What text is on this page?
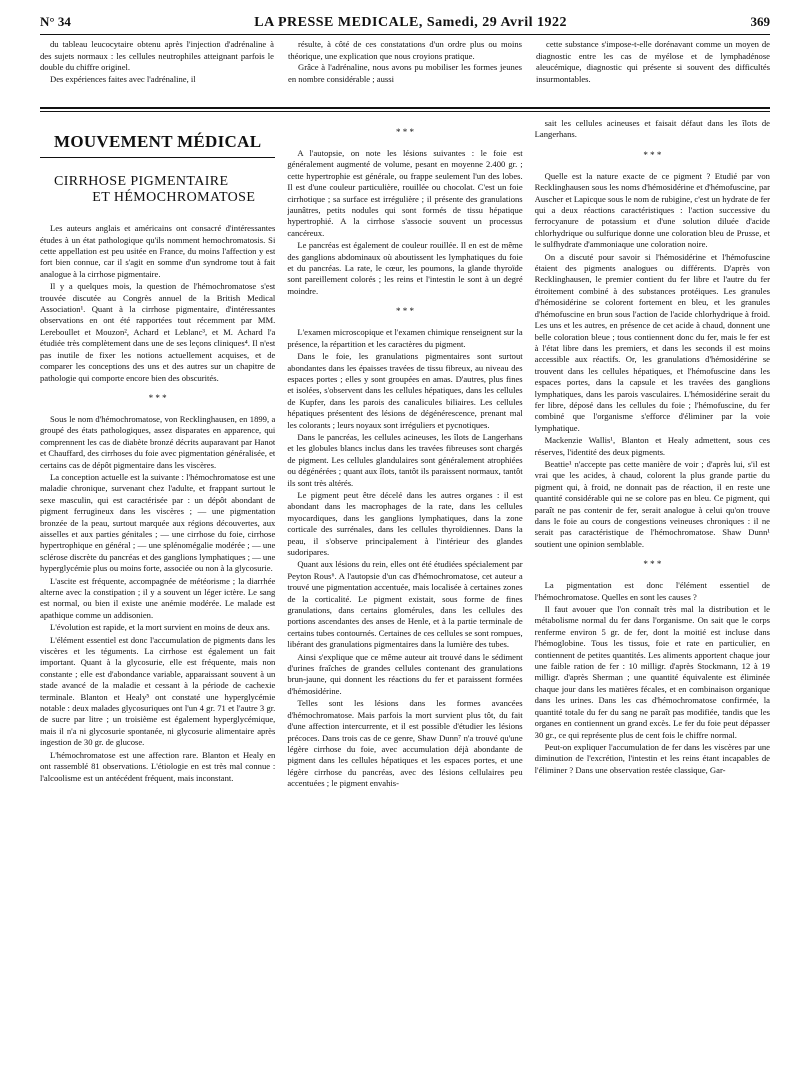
N° 34	LA PRESSE MEDICALE, Samedi, 29 Avril 1922	369

du tableau leucocytaire obtenu après l'injection d'adrénaline à des sujets normaux : les cellules neutrophiles atteignant parfois le double du chiffre originel.

Des expériences faites avec l'adrénaline, il

résulte, à côté de ces constatations d'un ordre plus ou moins théorique, une explication que nous croyions pratique.

Grâce à l'adrénaline, nous avons pu mobiliser les formes jeunes en nombre considérable ; aussi

cette substance s'impose-t-elle dorénavant comme un moyen de diagnostic entre les cas de myélose et de lymphadénose aleucémique, diagnostic qui présente si souvent des difficultés insurmontables.

MOUVEMENT MÉDICAL
CIRRHOSE PIGMENTAIRE
ET HÉMOCHROMATOSE

Les auteurs anglais et américains ont consacré d'intéressantes études à un état pathologique qu'ils nomment hemochromatosis. Si cette appellation est peu usitée en France, du moins l'affection y est fort bien connue, car il s'agit en somme d'un syndrome tout à fait analogue à la cirrhose pigmentaire.

Il y a quelques mois, la question de l'hémochromatose s'est trouvée discutée au Congrès annuel de la British Medical Association¹. Quant à la cirrhose pigmentaire, d'intéressantes observations en ont été rapportées tout récemment par MM. Lereboullet et Mouzon², Achard et Leblanc³, et M. Achard l'a étudiée très complètement dans une de ses leçons cliniques⁴. Il n'est pas inutile de fixer les notions actuellement acquises, et de comparer les conceptions des uns et des autres sur un chapitre de pathologie qui comporte encore bien des obscurités.

* * *

Sous le nom d'hémochromatose, von Recklinghausen, en 1899, a groupé des états pathologiques, assez disparates en apparence, qui comprennent les cas de diabète bronzé décrits auparavant par Hanot et Chauffard, des cirrhoses du foie avec pigmentation généralisée, et certains cas de dépôt pigmentaire dans les viscères.

La conception actuelle est la suivante : l'hémochromatose est une maladie chronique, survenant chez l'adulte, et frappant surtout le sexe masculin, qui est caractérisée par : un dépôt abondant de pigment ferrugineux dans les viscères ; — une pigmentation bronzée de la peau, surtout marquée aux régions découvertes, aux aisselles et aux parties génitales ; — une cirrhose du foie, cirrhose hypertrophique en général ; — une splénomégalie modérée ; — une sclérose discrète du pancréas et des ganglions lymphatiques ; — une hyperglycémie plus ou moins forte, associée ou non à la glycosurie.

L'ascite est fréquente, accompagnée de météorisme ; la diarrhée alterne avec la constipation ; il y a souvent un léger ictère. Le sang est normal, ou bien il existe une anémie modérée. Le malade est apathique comme un addisonien.

L'évolution est rapide, et la mort survient en moins de deux ans.

L'élément essentiel est donc l'accumulation de pigments dans les viscères et les téguments. La cirrhose est également un fait important. Quant à la glycosurie, elle est fréquente, mais non constante ; elle est d'abondance variable, apparaissant souvent à un stade avancé de la maladie et cessant à la période de cachexie terminale. Blanton et Healy⁵ ont constaté une hyperglycémie notable : deux malades glycosuriques ont l'un 4 gr. 71 et l'autre 3 gr. de sucre par litre ; un troisième est également hyperglycémique, mais il n'a ni glycosurie spontanée, ni glycosurie alimentaire après ingestion de 30 gr. de glucose.

L'hémochromatose est une affection rare. Blanton et Healy en ont rassemblé 81 observations. L'étiologie en est très mal connue : l'alcoolisme est un antécédent fréquent, mais inconstant.

* * *

A l'autopsie, on note les lésions suivantes : le foie est généralement augmenté de volume, pesant en moyenne 2.400 gr. ; cette hypertrophie est générale, ou frappe seulement l'un des lobes. Il est d'une couleur particulière, rouillée ou chocolat. C'est un foie cirrhotique ; sa surface est irrégulière ; il présente des granulations jaunâtres, petits nodules qui sont formés de tissu hépatique hypertrophié. A la cirrhose s'associe souvent un processus cancéreux.

Le pancréas est également de couleur rouillée. Il en est de même des ganglions abdominaux où aboutissent les lymphatiques du foie et du pancréas. La rate, le cœur, les poumons, la glande thyroïde sont pareillement colorés ; les reins et l'intestin le sont à un degré moindre.

* * *

L'examen microscopique et l'examen chimique renseignent sur la présence, la répartition et les caractères du pigment.

Dans le foie, les granulations pigmentaires sont surtout abondantes dans les épaisses travées de tissu fibreux, au niveau des espaces portes ; elles y sont groupées en amas. D'autres, plus fines et isolées, s'observent dans les cellules hépatiques, dans les cellules de Kupfer, dans les parois des canalicules biliaires. Les cellules hépatiques présentent des lésions de dégénérescence, prenant mal les colorants ; leurs noyaux sont irréguliers et pycnotiques.

Dans le pancréas, les cellules acineuses, les îlots de Langerhans et les globules blancs inclus dans les travées fibreuses sont chargés de pigment. Les cellules glandulaires sont généralement atrophiées ou dégénérées ; quant aux îlots, tantôt ils paraissent normaux, tantôt ils sont très altérés.

Le pigment peut être décelé dans les autres organes : il est abondant dans les macrophages de la rate, dans les cellules myocardiques, dans les ganglions lymphatiques, dans la zone corticale des surrénales, dans les cellules thyroïdiennes. Dans la peau, il s'observe principalement à l'intérieur des glandes sudoripares.

Quant aux lésions du rein, elles ont été étudiées spécialement par Peyton Rous⁶. A l'autopsie d'un cas d'hémochromatose, cet auteur a trouvé une pigmentation accentuée, mais localisée à certaines zones de la corticalité. Le pigment existait, sous forme de fines granulations, dans certains glomérules, dans les cellules des portions ascendantes des anses de Henle, et à la partie terminale de certains tubes contournés. Certaines de ces cellules se sont rompues, libérant des granulations pigmentaires dans la lumière des tubes.

Ainsi s'explique que ce même auteur ait trouvé dans le sédiment d'urines fraîches de grandes cellules contenant des granulations brun-jaune, qui donnent les réactions du fer et paraissent formées d'hémosidérine.

Telles sont les lésions dans les formes avancées d'hémochromatose. Mais parfois la mort survient plus tôt, du fait d'une affection intercurrente, et il est possible d'étudier les lésions précoces. Dans trois cas de ce genre, Shaw Dunn⁷ n'a trouvé qu'une légère cirrhose du foie, avec accumulation déjà abondante de pigment dans les cellules hépatiques et les espaces portes, et une légère cirrhose du pancréas, avec des lésions cellulaires peu accentuées ; le pigment envahis-

sait les cellules acineuses et faisait défaut dans les îlots de Langerhans.

* * *

Quelle est la nature exacte de ce pigment ? Etudié par von Recklinghausen sous les noms d'hémosidérine et d'hémofuscine, par Auscher et Lapicque sous le nom de rubigine, c'est un hydrate de fer qui a deux réactions caractéristiques : l'action successive du ferrocyanure de potassium et d'une solution diluée d'acide chlorhydrique ou sulfurique donne une coloration bleu de Prusse, et le sulfhydrate d'ammoniaque une coloration noire.

On a discuté pour savoir si l'hémosidérine et l'hémofuscine étaient des pigments analogues ou différents. D'après von Recklinghausen, le premier contient du fer libre et l'autre du fer étroitement combiné à des substances protéiques. Les granules d'hémosidérine se colorent fortement en bleu, et les granules d'hémofuscine en brun sous l'action de l'acide chlorhydrique à froid. Les uns et les autres, en présence de cet acide à chaud, donnent une belle coloration bleue ; tous contiennent donc du fer, mais le fer est à l'état libre dans les premiers, et dans les seconds il est moins accessible aux réactifs. Or, les granulations d'hémosidérine se trouvent dans les cellules hépatiques, et l'hémofuscine dans les espaces portes, dans la capsule et les travées des ganglions lymphatiques, dans les parois vasculaires. L'hémosidérine serait du fer libre, déposé dans les cellules du foie ; l'hémofuscine, du fer combiné que l'organisme s'efforce d'éliminer par la voie lymphatique.

Mackenzie Wallis¹, Blanton et Healy admettent, sous ces réserves, l'identité des deux pigments.

Beattie¹ n'accepte pas cette manière de voir ; d'après lui, s'il est vrai que les acides, à chaud, colorent la plus grande partie du pigment qui, à froid, ne donnait pas de réaction, il en reste une quantité considérable qui ne se colore pas en bleu. Ce pigment, qui paraît ne pas contenir de fer, serait analogue à celui qu'on trouve dans le foie au cours de congestions veineuses chroniques : il ne serait pas caractéristique de l'hémochromatose. Shaw Dunn¹ soutient une opinion semblable.

* * *

La pigmentation est donc l'élément essentiel de l'hémochromatose. Quelles en sont les causes ?

Il faut avouer que l'on connaît très mal la distribution et le métabolisme normal du fer dans l'organisme. On sait que le corps renferme environ 5 gr. de fer, dont la moitié est incluse dans l'hémoglobine. Tous les tissus, foie et rate en particulier, en contiennent de petites quantités. Les aliments apportent chaque jour une faible ration de fer : 10 milligr. d'après Stockmann, 12 à 19 milligr. d'après Sherman ; une quantité équivalente est éliminée chaque jour dans les matières fécales, et en combinaison organique dans les urines. Dans les cas d'hémochromatose confirmée, la quantité totale du fer du sang ne paraît pas modifiée, tandis que les organes en contiennent un grand excès. Le fer du foie peut dépasser 30 gr., ce qui représente plus de cent fois le chiffre normal.

Peut-on expliquer l'accumulation de fer dans les viscères par une diminution de l'excrétion, l'intestin et les reins étant incapables de l'éliminer ? Dans une observation restée classique, Gar-
